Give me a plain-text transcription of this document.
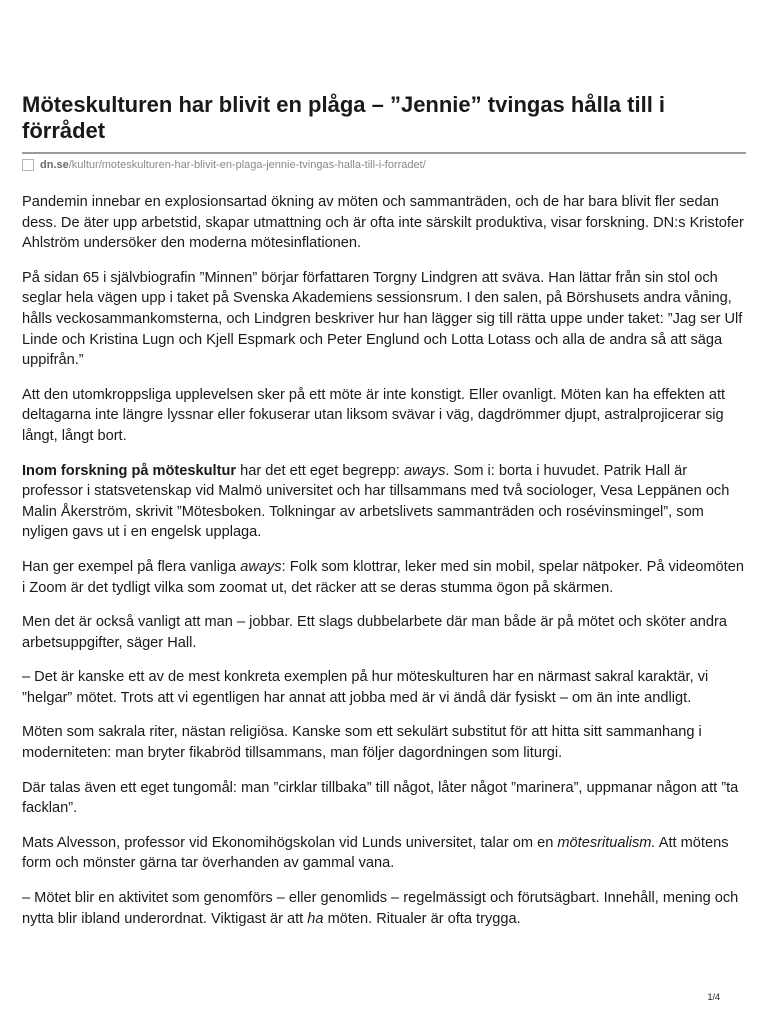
Möteskulturen har blivit en plåga – ”Jennie” tvingas hålla till i förrådet
dn.se/kultur/moteskulturen-har-blivit-en-plaga-jennie-tvingas-halla-till-i-forradet/

Pandemin innebar en explosionsartad ökning av möten och sammanträden, och de har bara blivit fler sedan dess. De äter upp arbetstid, skapar utmattning och är ofta inte särskilt produktiva, visar forskning. DN:s Kristofer Ahlström undersöker den moderna mötesinflationen.

På sidan 65 i självbiografin ”Minnen” börjar författaren Torgny Lindgren att sväva. Han lättar från sin stol och seglar hela vägen upp i taket på Svenska Akademiens sessionsrum. I den salen, på Börshusets andra våning, hålls veckosammankomsterna, och Lindgren beskriver hur han lägger sig till rätta uppe under taket: ”Jag ser Ulf Linde och Kristina Lugn och Kjell Espmark och Peter Englund och Lotta Lotass och alla de andra så att säga uppifrån.”

Att den utomkroppsliga upplevelsen sker på ett möte är inte konstigt. Eller ovanligt. Möten kan ha effekten att deltagarna inte längre lyssnar eller fokuserar utan liksom svävar i väg, dagdrömmer djupt, astralprojicerar sig långt, långt bort.

Inom forskning på möteskultur har det ett eget begrepp: aways. Som i: borta i huvudet. Patrik Hall är professor i statsvetenskap vid Malmö universitet och har tillsammans med två sociologer, Vesa Leppänen och Malin Åkerström, skrivit ”Mötesboken. Tolkningar av arbetslivets sammanträden och rosévinsmingel”, som nyligen gavs ut i en engelsk upplaga.

Han ger exempel på flera vanliga aways: Folk som klottrar, leker med sin mobil, spelar nätpoker. På videomöten i Zoom är det tydligt vilka som zoomat ut, det räcker att se deras stumma ögon på skärmen.

Men det är också vanligt att man – jobbar. Ett slags dubbelarbete där man både är på mötet och sköter andra arbetsuppgifter, säger Hall.

– Det är kanske ett av de mest konkreta exemplen på hur möteskulturen har en närmast sakral karaktär, vi ”helgar” mötet. Trots att vi egentligen har annat att jobba med är vi ändå där fysiskt – om än inte andligt.

Möten som sakrala riter, nästan religiösa. Kanske som ett sekulärt substitut för att hitta sitt sammanhang i moderniteten: man bryter fikabröd tillsammans, man följer dagordningen som liturgi.

Där talas även ett eget tungomål: man ”cirklar tillbaka” till något, låter något ”marinera”, uppmanar någon att ”ta facklan”.

Mats Alvesson, professor vid Ekonomihögskolan vid Lunds universitet, talar om en mötesritualism. Att mötens form och mönster gärna tar överhanden av gammal vana.

– Mötet blir en aktivitet som genomförs – eller genomlids – regelmässigt och förutsägbart. Innehåll, mening och nytta blir ibland underordnat. Viktigast är att ha möten. Ritualer är ofta trygga.

1/4
